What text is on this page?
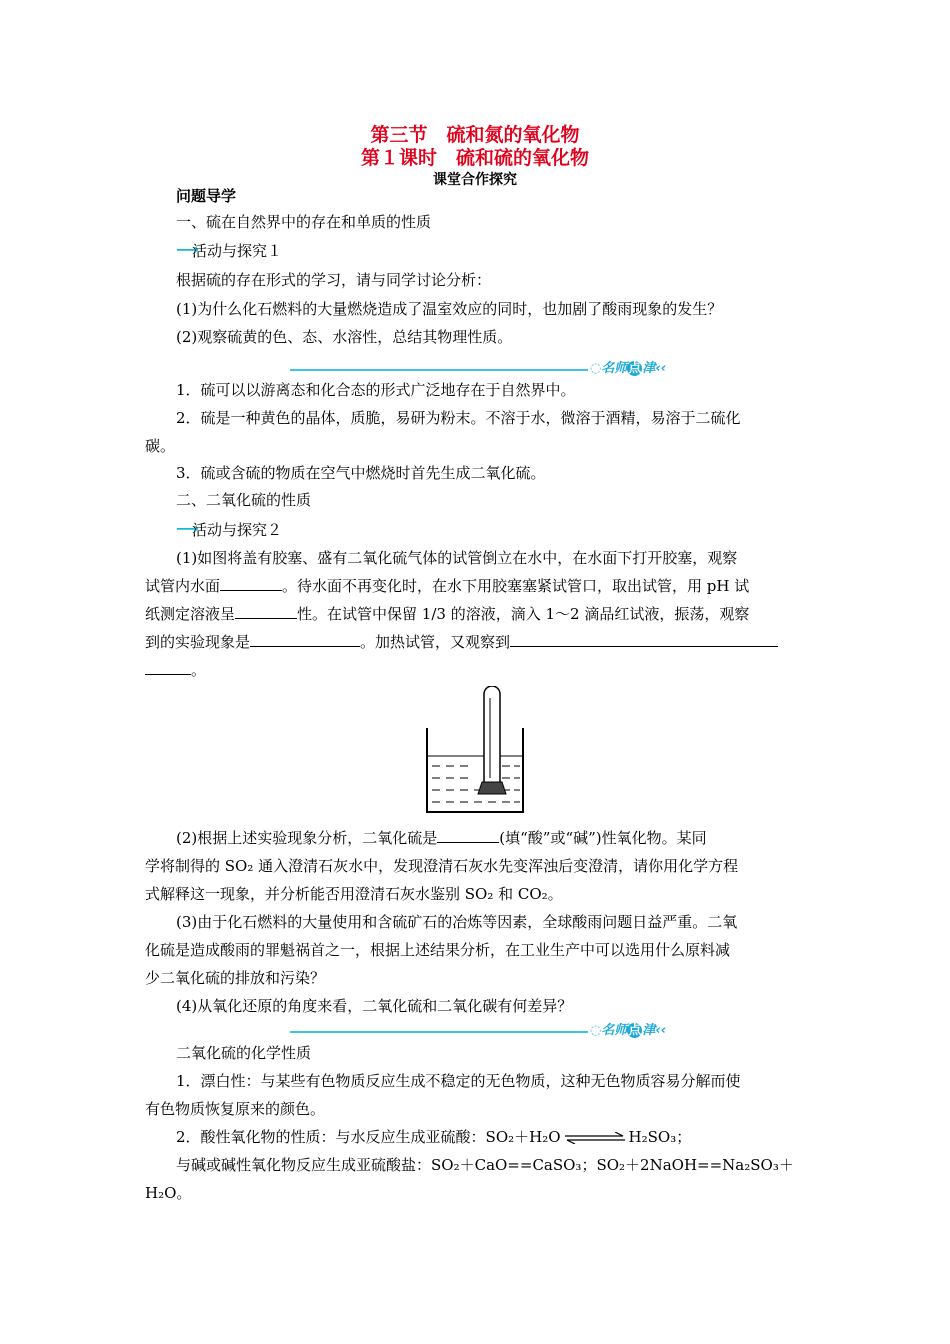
第三节　硫和氮的氧化物
第１课时　硫和硫的氧化物
课堂合作探究
问题导学
一、硫在自然界中的存在和单质的性质
⟶
活动与探究１
根据硫的存在形式的学习，请与同学讨论分析：
(1)为什么化石燃料的大量燃烧造成了温室效应的同时，也加剧了酸雨现象的发生？
(2)观察硫黄的色、态、水溶性，总结其物理性质。
◌名师点津‹‹
1．硫可以以游离态和化合态的形式广泛地存在于自然界中。
2．硫是一种黄色的晶体，质脆，易研为粉末。不溶于水，微溶于酒精，易溶于二硫化
碳。
3．硫或含硫的物质在空气中燃烧时首先生成二氧化硫。
二、二氧化硫的性质
⟶
活动与探究２
(1)如图将盖有胶塞、盛有二氧化硫气体的试管倒立在水中，在水面下打开胶塞，观察
试管内水面	。待水面不再变化时，在水下用胶塞塞紧试管口，取出试管，用 pH 试
纸测定溶液呈	性。在试管中保留 1/3 的溶液，滴入 1～2 滴品红试液，振荡，观察
到的实验现象是	。加热试管，又观察到
。
(2)根据上述实验现象分析，二氧化硫是	(填“酸”或“碱”)性氧化物。某同
学将制得的 SO₂ 通入澄清石灰水中，发现澄清石灰水先变浑浊后变澄清，请你用化学方程
式解释这一现象，并分析能否用澄清石灰水鉴别 SO₂ 和 CO₂。
(3)由于化石燃料的大量使用和含硫矿石的冶炼等因素，全球酸雨问题日益严重。二氧
化硫是造成酸雨的罪魁祸首之一，根据上述结果分析，在工业生产中可以选用什么原料减
少二氧化硫的排放和污染？
(4)从氧化还原的角度来看，二氧化硫和二氧化碳有何差异？
◌名师点津‹‹
二氧化硫的化学性质
1．漂白性：与某些有色物质反应生成不稳定的无色物质，这种无色物质容易分解而使
有色物质恢复原来的颜色。
2．酸性氧化物的性质：与水反应生成亚硫酸：SO₂＋H₂O	H₂SO₃；
与碱或碱性氧化物反应生成亚硫酸盐：SO₂＋CaO==CaSO₃；SO₂＋2NaOH==Na₂SO₃＋
H₂O。
